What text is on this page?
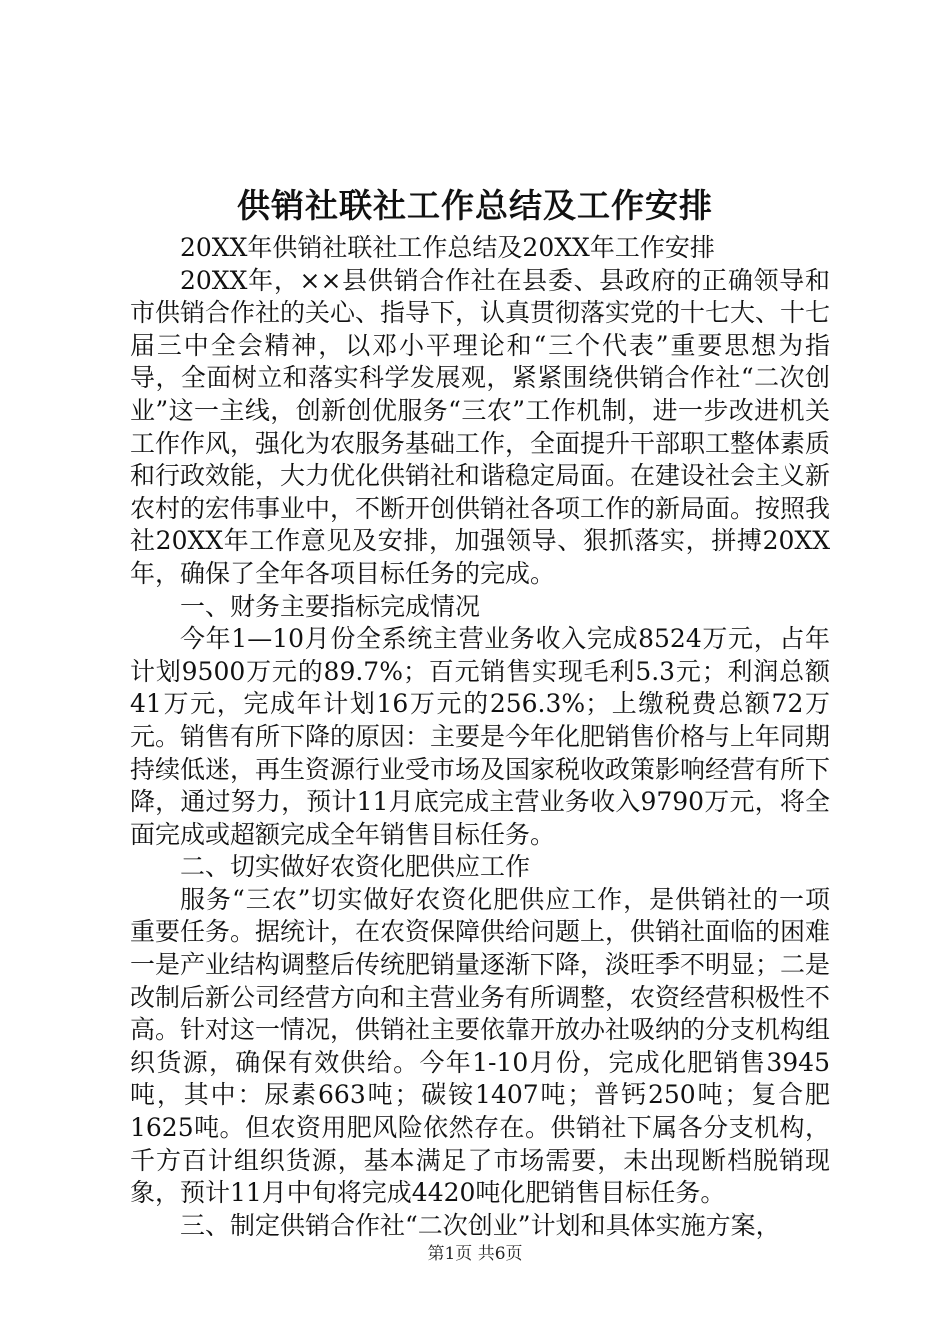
供销社联社工作总结及工作安排

20XX年供销社联社工作总结及20XX年工作安排

20XX年，××县供销合作社在县委、县政府的正确领导和市供销合作社的关心、指导下，认真贯彻落实党的十七大、十七届三中全会精神，以邓小平理论和“三个代表”重要思想为指导，全面树立和落实科学发展观，紧紧围绕供销合作社“二次创业”这一主线，创新创优服务“三农”工作机制，进一步改进机关工作作风，强化为农服务基础工作，全面提升干部职工整体素质和行政效能，大力优化供销社和谐稳定局面。在建设社会主义新农村的宏伟事业中，不断开创供销社各项工作的新局面。按照我社20XX年工作意见及安排，加强领导、狠抓落实，拼搏20XX年，确保了全年各项目标任务的完成。

一、财务主要指标完成情况

今年1—10月份全系统主营业务收入完成8524万元，占年计划9500万元的89.7%；百元销售实现毛利5.3元；利润总额41万元，完成年计划16万元的256.3%；上缴税费总额72万元。销售有所下降的原因：主要是今年化肥销售价格与上年同期持续低迷，再生资源行业受市场及国家税收政策影响经营有所下降，通过努力，预计11月底完成主营业务收入9790万元，将全面完成或超额完成全年销售目标任务。

二、切实做好农资化肥供应工作

服务“三农”切实做好农资化肥供应工作，是供销社的一项重要任务。据统计，在农资保障供给问题上，供销社面临的困难一是产业结构调整后传统肥销量逐渐下降，淡旺季不明显；二是改制后新公司经营方向和主营业务有所调整，农资经营积极性不高。针对这一情况，供销社主要依靠开放办社吸纳的分支机构组织货源，确保有效供给。今年1-10月份，完成化肥销售3945吨，其中：尿素663吨；碳铵1407吨；普钙250吨；复合肥1625吨。但农资用肥风险依然存在。供销社下属各分支机构，千方百计组织货源，基本满足了市场需要，未出现断档脱销现象，预计11月中旬将完成4420吨化肥销售目标任务。

三、制定供销合作社“二次创业”计划和具体实施方案，

第1页 共6页
